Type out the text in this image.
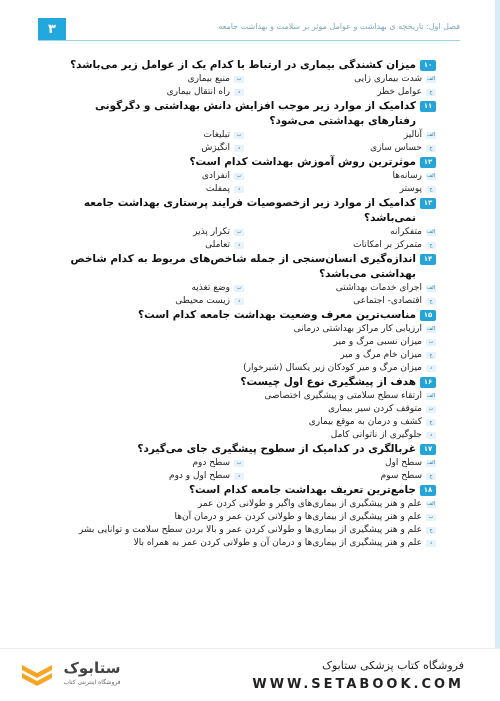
فصل اول: تاریخچه ی بهداشت و عوامل موثر بر سلامت و بهداشت جامعه
۳
۱۰
میزان کشندگی بیماری در ارتباط با کدام یک از عوامل زیر می‌باشد؟
الف
شدت بیماری زایی
ب
منبع بیماری
ج
عوامل خطر
د
راه انتقال بیماری
۱۱
کدامیک از موارد زیر موجب افزایش دانش بهداشتی و دگرگونی رفتارهای بهداشتی می‌شود؟
الف
آنالیز
ب
تبلیغات
ج
حساس سازی
د
انگیزش
۱۲
موثرترین روش آموزش بهداشت کدام است؟
الف
رسانه‌ها
ب
انفرادی
ج
پوستر
د
پمفلت
۱۳
کدامیک از موارد زیر ازخصوصیات فرایند پرستاری بهداشت جامعه نمی‌باشد؟
الف
متفکرانه
ب
تکرار پذیر
ج
متمرکز بر امکانات
د
تعاملی
۱۴
اندازه‌گیری انسان‌سنجی از جمله شاخص‌های مربوط به کدام شاخص بهداشتی می‌باشد؟
الف
اجرای خدمات بهداشتی
ب
وضع تغذیه
ج
اقتصادی- اجتماعی
د
زیست محیطی
۱۵
مناسب‌ترین معرف وضعیت بهداشت جامعه کدام است؟
الف
ارزیابی کار مراکز بهداشتی درمانی
ب
میزان نسبی مرگ و میر
ج
میزان خام مرگ و میر
د
میزان مرگ و میر کودکان زیر یکسال (شیرخوار)
۱۶
هدف از پیشگیری نوع اول چیست؟
الف
ارتقاء سطح سلامتی و پیشگیری اختصاصی
ب
متوقف کردن سیر بیماری
ج
کشف و درمان به موقع بیماری
د
جلوگیری از ناتوانی کامل
۱۷
غربالگری در کدامیک از سطوح پیشگیری جای می‌گیرد؟
الف
سطح اول
ب
سطح دوم
ج
سطح سوم
د
سطح اول و دوم
۱۸
جامع‌ترین تعریف بهداشت جامعه کدام است؟
الف
علم و هنر پیشگیری از بیماری‌های واگیر و طولانی کردن عمر
ب
علم و هنر پیشگیری از بیماری‌ها و طولانی کردن عمر و درمان آن‌ها
ج
علم و هنر پیشگیری از بیماری‌ها و طولانی کردن عمر و بالا بردن سطح سلامت و توانایی بشر
د
علم و هنر پیشگیری از بیماری‌ها و درمان آن و طولانی کردن عمر به همراه بالا
ستابوک
فروشگاه اینترنتی کتاب
فروشگاه کتاب پزشکی ستابوک
WWW.SETABOOK.COM
